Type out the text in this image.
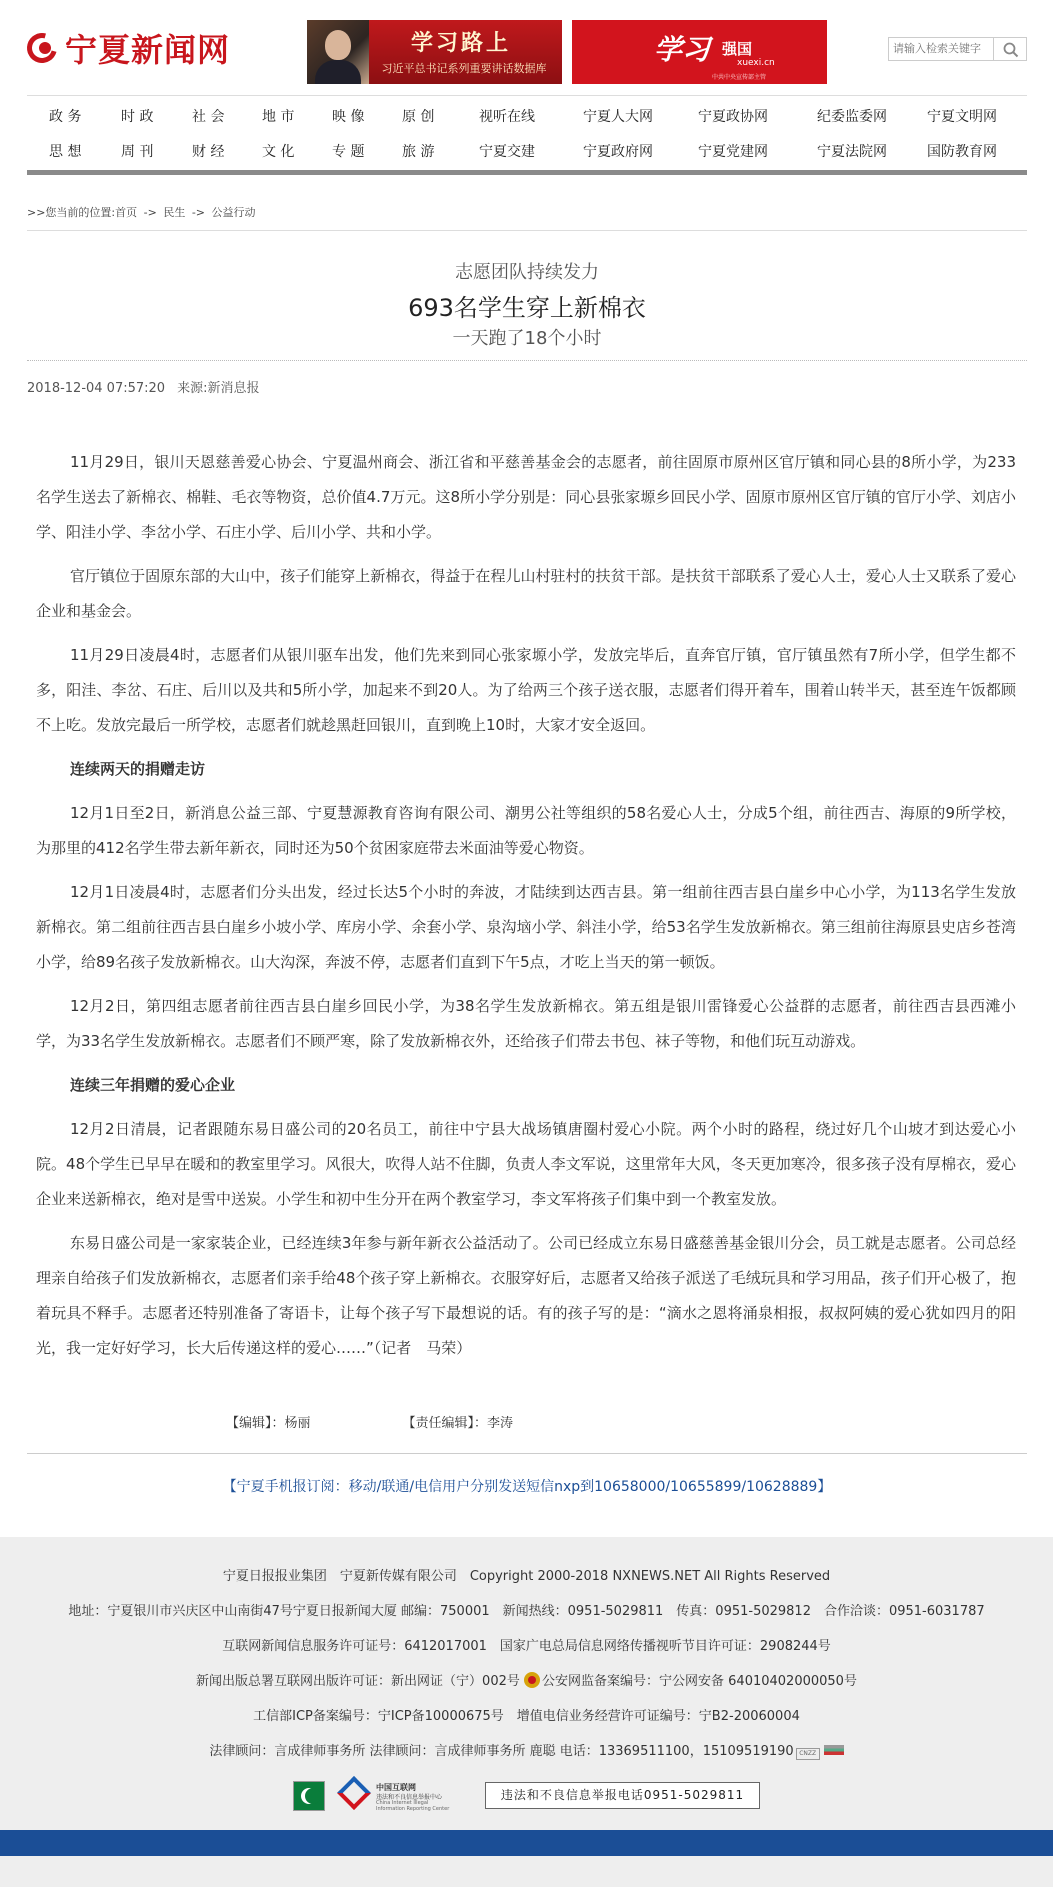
宁夏新闻网	学习路上
习近平总书记系列重要讲话数据库
学习 强国
xuexi.cn
中共中央宣传部主管
请输入检索关键字
政 务	时 政	社 会	地 市	映 像	原 创	视听在线	宁夏人大网	宁夏政协网	纪委监委网	宁夏文明网
思 想	周 刊	财 经	文 化	专 题	旅 游	宁夏交建	宁夏政府网	宁夏党建网	宁夏法院网	国防教育网
>>您当前的位置:首页 -> 民生 -> 公益行动
志愿团队持续发力
693名学生穿上新棉衣
一天跑了18个小时
2018-12-04 07:57:20 来源:新消息报

11月29日，银川天恩慈善爱心协会、宁夏温州商会、浙江省和平慈善基金会的志愿者，前往固原市原州区官厅镇和同心县的8所小学，为233名学生送去了新棉衣、棉鞋、毛衣等物资，总价值4.7万元。这8所小学分别是：同心县张家塬乡回民小学、固原市原州区官厅镇的官厅小学、刘店小学、阳洼小学、李岔小学、石庄小学、后川小学、共和小学。

官厅镇位于固原东部的大山中，孩子们能穿上新棉衣，得益于在程儿山村驻村的扶贫干部。是扶贫干部联系了爱心人士，爱心人士又联系了爱心企业和基金会。

11月29日凌晨4时，志愿者们从银川驱车出发，他们先来到同心张家塬小学，发放完毕后，直奔官厅镇，官厅镇虽然有7所小学，但学生都不多，阳洼、李岔、石庄、后川以及共和5所小学，加起来不到20人。为了给两三个孩子送衣服，志愿者们得开着车，围着山转半天，甚至连午饭都顾不上吃。发放完最后一所学校，志愿者们就趁黑赶回银川，直到晚上10时，大家才安全返回。

连续两天的捐赠走访

12月1日至2日，新消息公益三部、宁夏慧源教育咨询有限公司、潮男公社等组织的58名爱心人士，分成5个组，前往西吉、海原的9所学校，为那里的412名学生带去新年新衣，同时还为50个贫困家庭带去米面油等爱心物资。

12月1日凌晨4时，志愿者们分头出发，经过长达5个小时的奔波，才陆续到达西吉县。第一组前往西吉县白崖乡中心小学，为113名学生发放新棉衣。第二组前往西吉县白崖乡小坡小学、库房小学、余套小学、泉沟垴小学、斜洼小学，给53名学生发放新棉衣。第三组前往海原县史店乡苍湾小学，给89名孩子发放新棉衣。山大沟深，奔波不停，志愿者们直到下午5点，才吃上当天的第一顿饭。

12月2日，第四组志愿者前往西吉县白崖乡回民小学，为38名学生发放新棉衣。第五组是银川雷锋爱心公益群的志愿者，前往西吉县西滩小学，为33名学生发放新棉衣。志愿者们不顾严寒，除了发放新棉衣外，还给孩子们带去书包、袜子等物，和他们玩互动游戏。

连续三年捐赠的爱心企业

12月2日清晨，记者跟随东易日盛公司的20名员工，前往中宁县大战场镇唐圈村爱心小院。两个小时的路程，绕过好几个山坡才到达爱心小院。48个学生已早早在暖和的教室里学习。风很大，吹得人站不住脚，负责人李文军说，这里常年大风，冬天更加寒冷，很多孩子没有厚棉衣，爱心企业来送新棉衣，绝对是雪中送炭。小学生和初中生分开在两个教室学习，李文军将孩子们集中到一个教室发放。

东易日盛公司是一家家装企业，已经连续3年参与新年新衣公益活动了。公司已经成立东易日盛慈善基金银川分会，员工就是志愿者。公司总经理亲自给孩子们发放新棉衣，志愿者们亲手给48个孩子穿上新棉衣。衣服穿好后，志愿者又给孩子派送了毛绒玩具和学习用品，孩子们开心极了，抱着玩具不释手。志愿者还特别准备了寄语卡，让每个孩子写下最想说的话。有的孩子写的是：“滴水之恩将涌泉相报，叔叔阿姨的爱心犹如四月的阳光，我一定好好学习，长大后传递这样的爱心……”（记者　马荣）

【编辑】：杨丽	【责任编辑】：李涛
【宁夏手机报订阅：移动/联通/电信用户分别发送短信nxp到10658000/10655899/10628889】
宁夏日报报业集团　宁夏新传媒有限公司　Copyright 2000-2018 NXNEWS.NET All Rights Reserved
地址：宁夏银川市兴庆区中山南街47号宁夏日报新闻大厦 邮编：750001　新闻热线：0951-5029811　传真：0951-5029812　合作洽谈：0951-6031787
互联网新闻信息服务许可证号：6412017001　国家广电总局信息网络传播视听节目许可证：2908244号
新闻出版总署互联网出版许可证：新出网证（宁）002号 公安网监备案编号：宁公网安备 64010402000050号
工信部ICP备案编号：宁ICP备10000675号　增值电信业务经营许可证编号：宁B2-20060004
法律顾问：言成律师事务所 法律顾问：言成律师事务所 鹿聪 电话：13369511100，15109519190 CNZZ
中国互联网
违法和不良信息举报中心
China Internet Illegal Information Reporting Center
违法和不良信息举报电话0951-5029811
